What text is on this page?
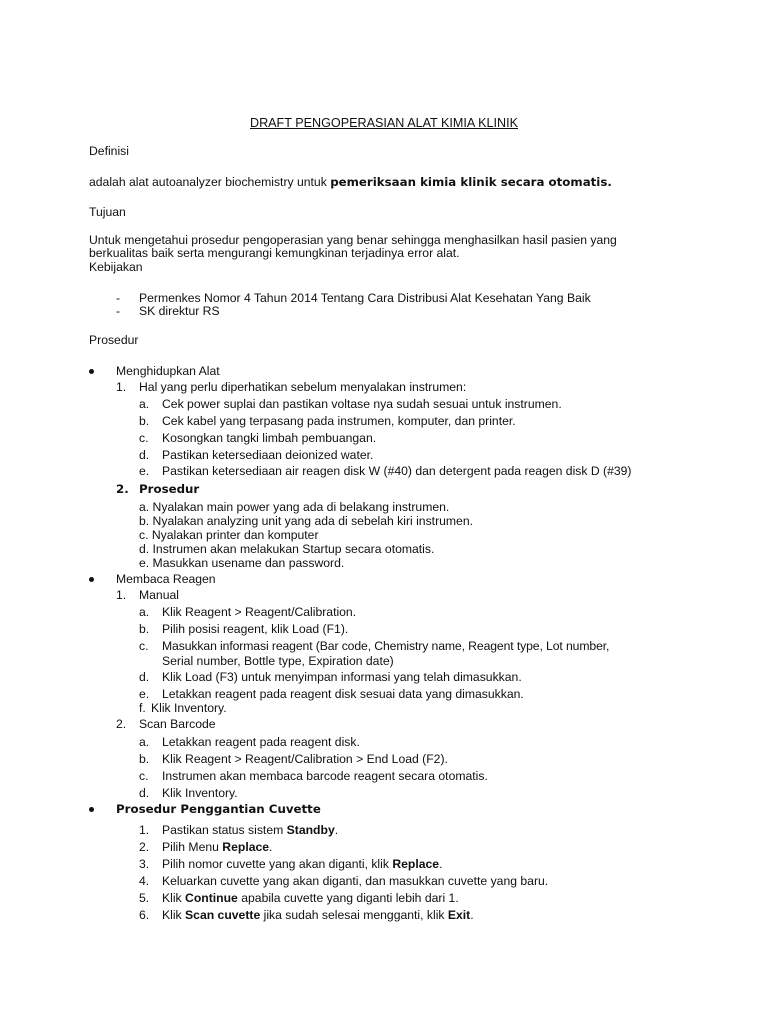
DRAFT PENGOPERASIAN ALAT KIMIA KLINIK
Definisi
adalah alat autoanalyzer biochemistry untuk pemeriksaan kimia klinik secara otomatis.
Tujuan
Untuk mengetahui prosedur pengoperasian yang benar sehingga menghasilkan hasil pasien yang
berkualitas baik serta mengurangi kemungkinan terjadinya error alat.
Kebijakan
- Permenkes Nomor 4 Tahun 2014 Tentang Cara Distribusi Alat Kesehatan Yang Baik
- SK direktur RS
Prosedur
Menghidupkan Alat
1. Hal yang perlu diperhatikan sebelum menyalakan instrumen:
a. Cek power suplai dan pastikan voltase nya sudah sesuai untuk instrumen.
b. Cek kabel yang terpasang pada instrumen, komputer, dan printer.
c. Kosongkan tangki limbah pembuangan.
d. Pastikan ketersediaan deionized water.
e. Pastikan ketersediaan air reagen disk W (#40) dan detergent pada reagen disk D (#39)
2. Prosedur
a. Nyalakan main power yang ada di belakang instrumen.
b. Nyalakan analyzing unit yang ada di sebelah kiri instrumen.
c. Nyalakan printer dan komputer
d. Instrumen akan melakukan Startup secara otomatis.
e. Masukkan usename dan password.
Membaca Reagen
1. Manual
a. Klik Reagent > Reagent/Calibration.
b. Pilih posisi reagent, klik Load (F1).
c. Masukkan informasi reagent (Bar code, Chemistry name, Reagent type, Lot number,
Serial number, Bottle type, Expiration date)
d. Klik Load (F3) untuk menyimpan informasi yang telah dimasukkan.
e. Letakkan reagent pada reagent disk sesuai data yang dimasukkan.
f. Klik Inventory.
2. Scan Barcode
a. Letakkan reagent pada reagent disk.
b. Klik Reagent > Reagent/Calibration > End Load (F2).
c. Instrumen akan membaca barcode reagent secara otomatis.
d. Klik Inventory.
Prosedur Penggantian Cuvette
1. Pastikan status sistem Standby.
2. Pilih Menu Replace.
3. Pilih nomor cuvette yang akan diganti, klik Replace.
4. Keluarkan cuvette yang akan diganti, dan masukkan cuvette yang baru.
5. Klik Continue apabila cuvette yang diganti lebih dari 1.
6. Klik Scan cuvette jika sudah selesai mengganti, klik Exit.
